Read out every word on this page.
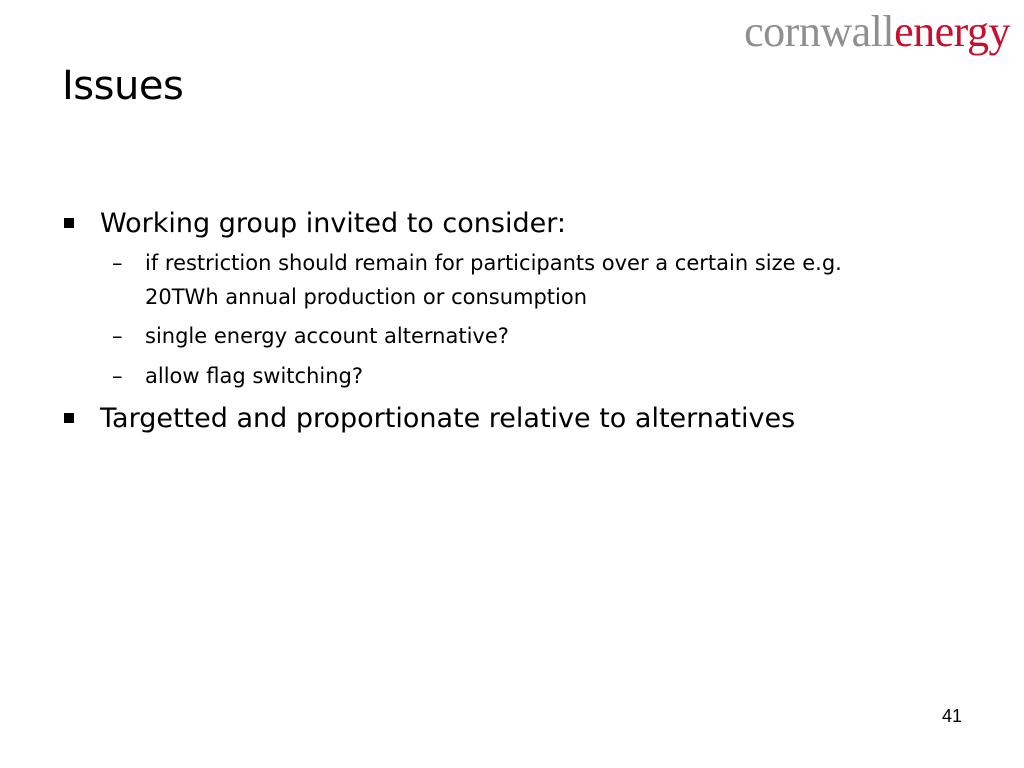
cornwallenergy
Issues
Working group invited to consider:
– if restriction should remain for participants over a certain size e.g. 20TWh annual production or consumption
– single energy account alternative?
– allow flag switching?
Targetted and proportionate relative to alternatives
41
